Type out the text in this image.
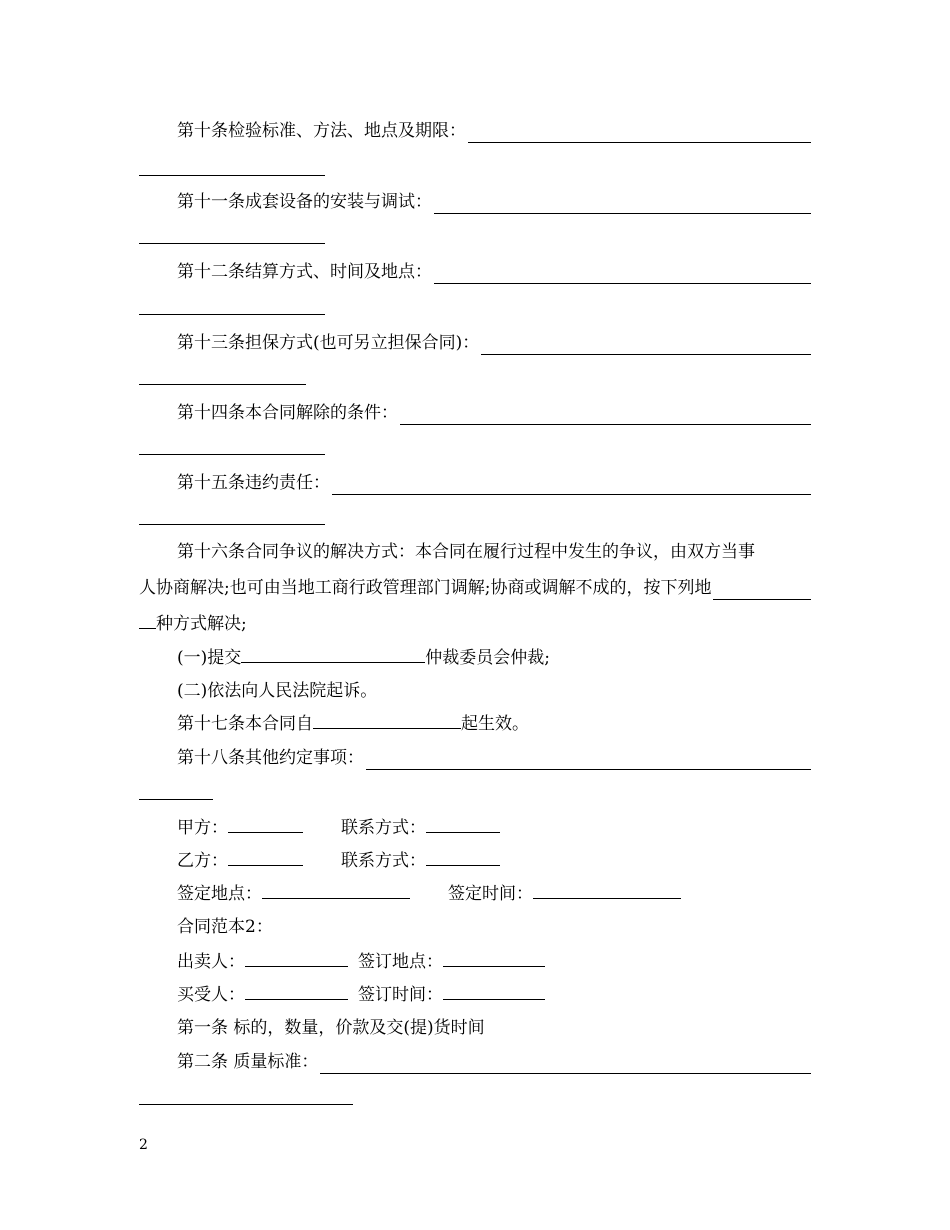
第十条检验标准、方法、地点及期限：
第十一条成套设备的安装与调试：
第十二条结算方式、时间及地点：
第十三条担保方式(也可另立担保合同)：
第十四条本合同解除的条件：
第十五条违约责任：
第十六条合同争议的解决方式：本合同在履行过程中发生的争议，由双方当事
人协商解决;也可由当地工商行政管理部门调解;协商或调解不成的，按下列地
种方式解决;
(一)提交	仲裁委员会仲裁;
(二)依法向人民法院起诉。
第十七条本合同自	起生效。
第十八条其他约定事项：
甲方：	联系方式：
乙方：	联系方式：
签定地点：	签定时间：
合同范本2：
出卖人：	签订地点：
买受人：	签订时间：
第一条 标的，数量，价款及交(提)货时间
第二条 质量标准：
2
